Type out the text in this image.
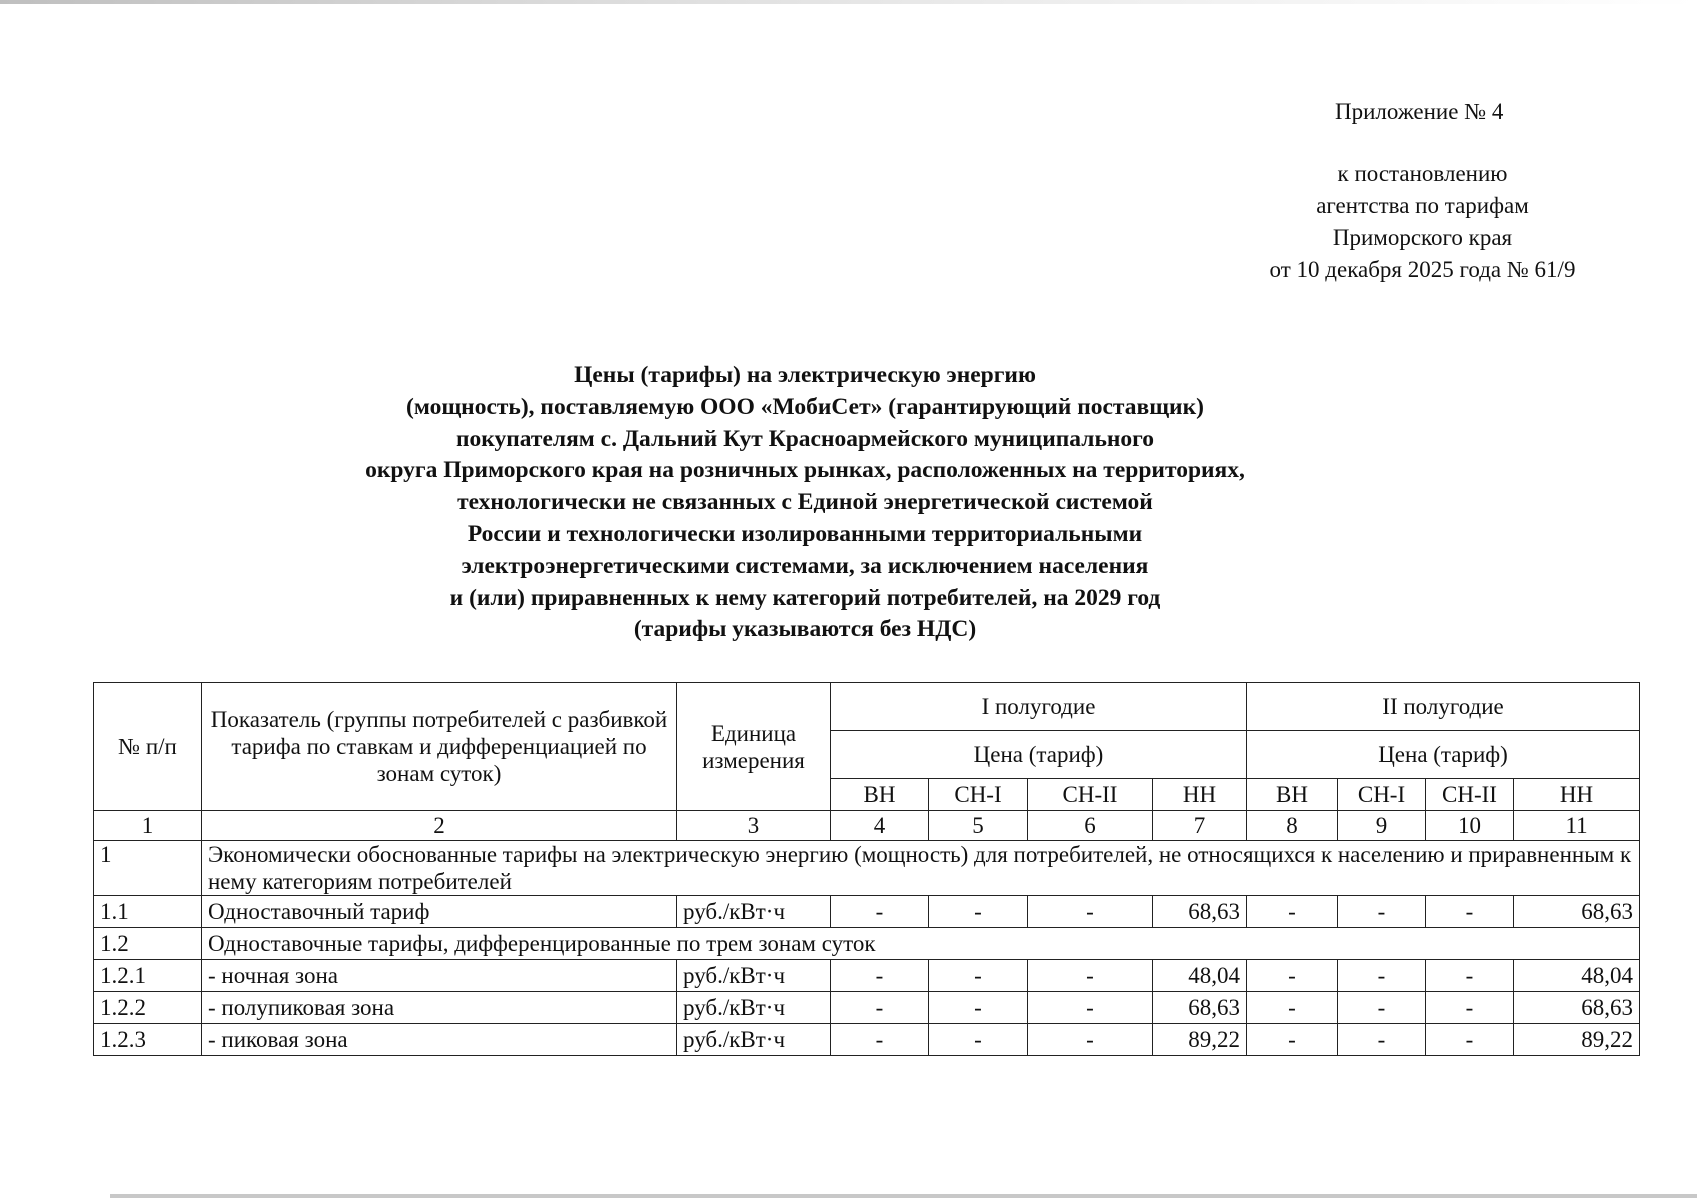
Приложение № 4
к постановлению
агентства по тарифам
Приморского края
от 10 декабря 2025 года № 61/9
Цены (тарифы) на электрическую энергию
(мощность), поставляемую ООО «МобиСет» (гарантирующий поставщик)
покупателям с. Дальний Кут Красноармейского муниципального
округа Приморского края на розничных рынках, расположенных на территориях,
технологически не связанных с Единой энергетической системой
России и технологически изолированными территориальными
электроэнергетическими системами, за исключением населения
и (или) приравненных к нему категорий потребителей, на 2029 год
(тарифы указываются без НДС)
№ п/п	Показатель (группы потребителей с разбивкой тарифа по ставкам и дифференциацией по зонам суток)	Единица измерения	I полугодие				II полугодие			
			Цена (тариф)				Цена (тариф)			
			ВН	СН-I	СН-II	НН	ВН	СН-I	СН-II	НН
1	2	3	4	5	6	7	8	9	10	11
1	Экономически обоснованные тарифы на электрическую энергию (мощность) для потребителей, не относящихся к населению и приравненным к нему категориям потребителей									
1.1	Одноставочный тариф	руб./кВт·ч	-	-	-	68,63	-	-	-	68,63
1.2	Одноставочные тарифы, дифференцированные по трем зонам суток									
1.2.1	- ночная зона	руб./кВт·ч	-	-	-	48,04	-	-	-	48,04
1.2.2	- полупиковая зона	руб./кВт·ч	-	-	-	68,63	-	-	-	68,63
1.2.3	- пиковая зона	руб./кВт·ч	-	-	-	89,22	-	-	-	89,22
